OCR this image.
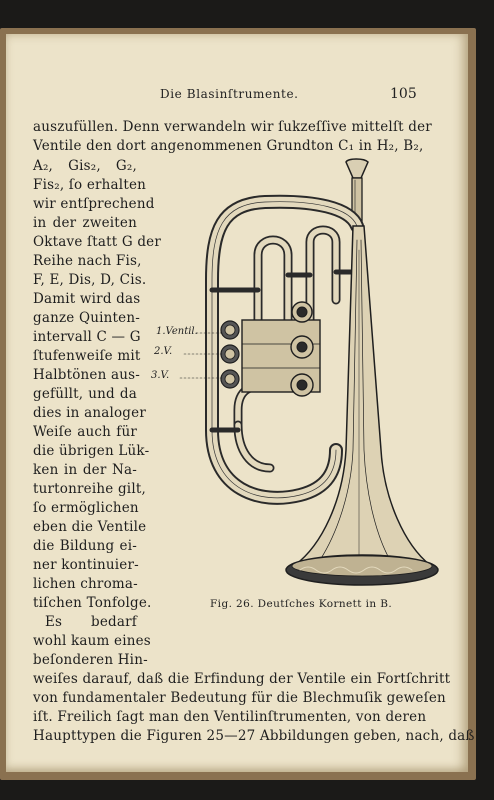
Die Blasinſtrumente.	105
auszufüllen. Denn verwandeln wir ſukzeſſive mittelſt der
Ventile den dort angenommenen Grundton C₁ in H₂, B₂,
A₂, Gis₂, G₂,
Fis₂, ſo erhalten
wir entſprechend
in der zweiten
Oktave ſtatt G der
Reihe nach Fis,
F, E, Dis, D, Cis.
Damit wird das
ganze Quinten-
intervall C — G
ſtufenweiſe mit
Halbtönen aus-
gefüllt, und da
dies in analoger
Weiſe auch für
die übrigen Lük-
ken in der Na-
turtonreihe gilt,
ſo ermöglichen
eben die Ventile
die Bildung ei-
ner kontinuier-
lichen chroma-
tiſchen Tonfolge.
Es bedarf
wohl kaum eines
beſonderen Hin-
weiſes darauf, daß die Erfindung der Ventile ein Fortſchritt
von fundamentaler Bedeutung für die Blechmuſik geweſen
iſt. Freilich ſagt man den Ventilinſtrumenten, von deren
Haupttypen die Figuren 25—27 Abbildungen geben, nach, daß
1.Ventil.
2.V.
3.V.
Fig. 26. Deutſches Kornett in B.
